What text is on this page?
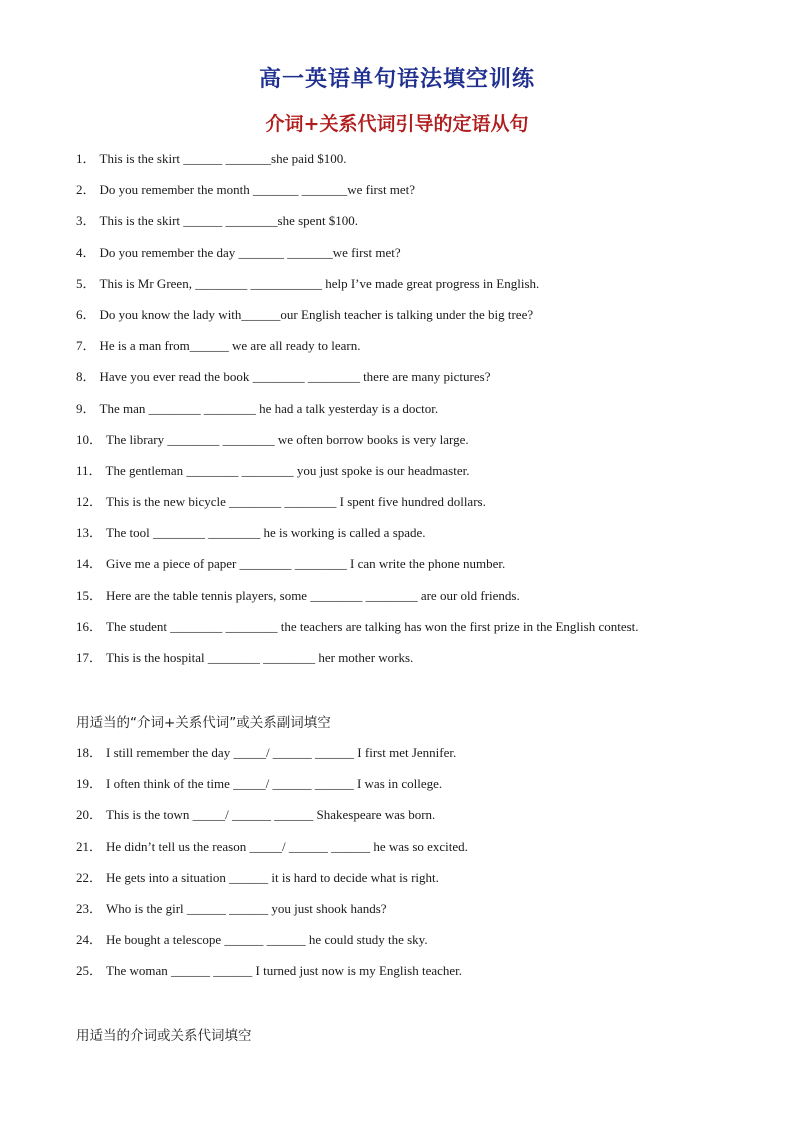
高一英语单句语法填空训练
介词+关系代词引导的定语从句
1． This is the skirt ______ _______she paid $100.
2． Do you remember the month _______ _______we first met?
3． This is the skirt ______ ________she spent $100.
4． Do you remember the day _______ _______we first met?
5． This is Mr Green, ________ ___________ help I’ve made great progress in English.
6． Do you know the lady with______our English teacher is talking under the big tree?
7． He is a man from______ we are all ready to learn.
8． Have you ever read the book ________ ________ there are many pictures?
9． The man ________ ________ he had a talk yesterday is a doctor.
10． The library ________ ________ we often borrow books is very large.
11． The gentleman ________ ________ you just spoke is our headmaster.
12． This is the new bicycle ________ ________ I spent five hundred dollars.
13． The tool ________ ________ he is working is called a spade.
14． Give me a piece of paper ________ ________ I can write the phone number.
15． Here are the table tennis players, some ________ ________ are our old friends.
16． The student ________ ________ the teachers are talking has won the first prize in the English contest.
17． This is the hospital ________ ________ her mother works.
用适当的“介词+关系代词”或关系副词填空
18． I still remember the day _____/ ______ ______ I first met Jennifer.
19． I often think of the time _____/ ______ ______ I was in college.
20． This is the town _____/ ______ ______ Shakespeare was born.
21． He didn’t tell us the reason _____/ ______ ______ he was so excited.
22． He gets into a situation ______ it is hard to decide what is right.
23． Who is the girl ______ ______ you just shook hands?
24． He bought a telescope ______ ______ he could study the sky.
25． The woman ______ ______ I turned just now is my English teacher.
用适当的介词或关系代词填空
